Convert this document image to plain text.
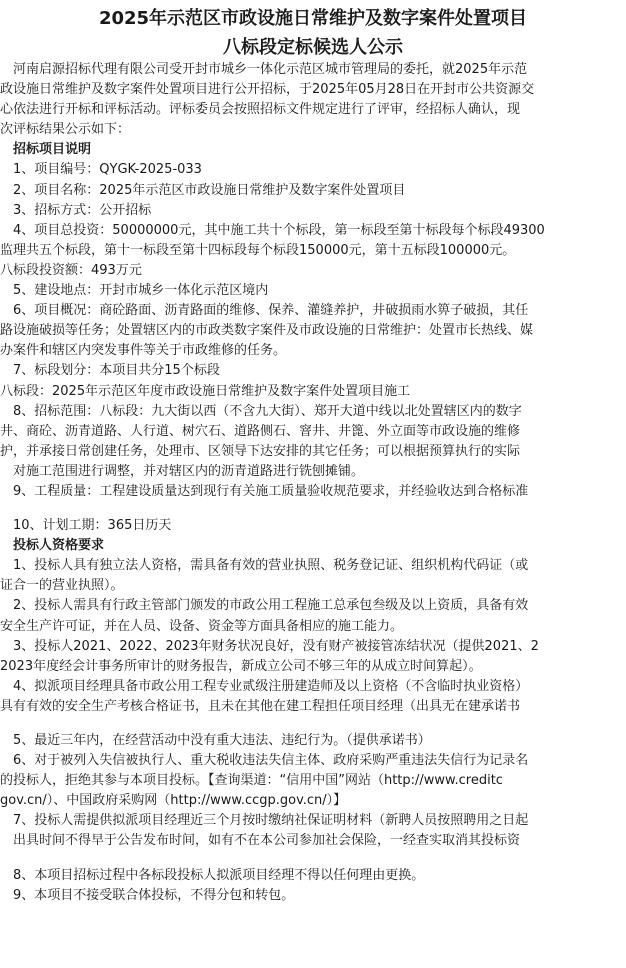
2025年示范区市政设施日常维护及数字案件处置项目
八标段定标候选人公示
　河南启源招标代理有限公司受开封市城乡一体化示范区城市管理局的委托，就2025年示范
政设施日常维护及数字案件处置项目进行公开招标，于2025年05月28日在开封市公共资源交
心依法进行开标和评标活动。评标委员会按照招标文件规定进行了评审，经招标人确认，现
次评标结果公示如下：
　招标项目说明
　1、项目编号：QYGK-2025-033
　2、项目名称：2025年示范区市政设施日常维护及数字案件处置项目
　3、招标方式：公开招标
　4、项目总投资：50000000元，其中施工共十个标段，第一标段至第十标段每个标段49300
监理共五个标段，第十一标段至第十四标段每个标段150000元，第十五标段100000元。
八标段投资额：493万元
　5、建设地点：开封市城乡一体化示范区境内
　6、项目概况：商砼路面、沥青路面的维修、保养、灌缝养护，井破损雨水箅子破损，其任
路设施破损等任务；处置辖区内的市政类数字案件及市政设施的日常维护：处置市长热线、媒
办案件和辖区内突发事件等关于市政维修的任务。
　7、标段划分：本项目共分15个标段
八标段：2025年示范区年度市政设施日常维护及数字案件处置项目施工
　8、招标范围：八标段：九大街以西（不含九大街）、郑开大道中线以北处置辖区内的数字
井、商砼、沥青道路、人行道、树穴石、道路侧石、窨井、井篦、外立面等市政设施的维修
护，并承接日常创建任务，处理市、区领导下达安排的其它任务；可以根据预算执行的实际
　对施工范围进行调整，并对辖区内的沥青道路进行铣刨摊铺。
　9、工程质量：工程建设质量达到现行有关施工质量验收规范要求，并经验收达到合格标准
　10、计划工期：365日历天
　投标人资格要求
　1、投标人具有独立法人资格，需具备有效的营业执照、税务登记证、组织机构代码证（或
证合一的营业执照）。
　2、投标人需具有行政主管部门颁发的市政公用工程施工总承包叁级及以上资质，具备有效
安全生产许可证，并在人员、设备、资金等方面具备相应的施工能力。
　3、投标人2021、2022、2023年财务状况良好，没有财产被接管冻结状况（提供2021、2
2023年度经会计事务所审计的财务报告，新成立公司不够三年的从成立时间算起）。
　4、拟派项目经理具备市政公用工程专业贰级注册建造师及以上资格（不含临时执业资格）
具有有效的安全生产考核合格证书，且未在其他在建工程担任项目经理（出具无在建承诺书
　5、最近三年内，在经营活动中没有重大违法、违纪行为。（提供承诺书）
　6、对于被列入失信被执行人、重大税收违法失信主体、政府采购严重违法失信行为记录名
的投标人，拒绝其参与本项目投标。【查询渠道：“信用中国”网站（http://www.creditc
gov.cn/）、中国政府采购网（http://www.ccgp.gov.cn/）】
　7、投标人需提供拟派项目经理近三个月按时缴纳社保证明材料（新聘人员按照聘用之日起
　出具时间不得早于公告发布时间，如有不在本公司参加社会保险，一经查实取消其投标资
　8、本项目招标过程中各标段投标人拟派项目经理不得以任何理由更换。
　9、本项目不接受联合体投标，不得分包和转包。
